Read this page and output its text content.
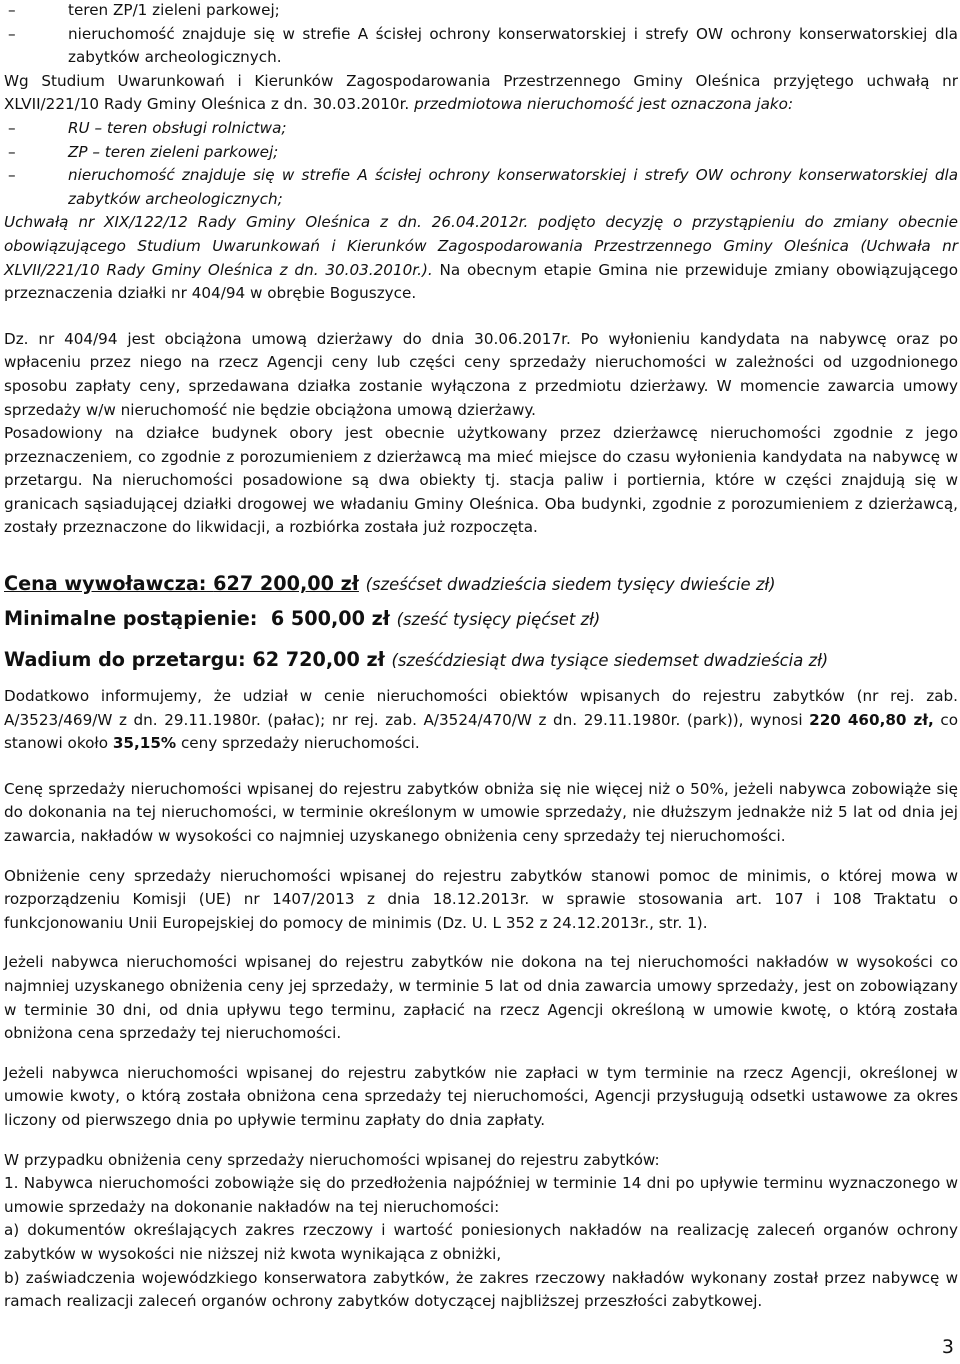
–	teren ZP/1 zieleni parkowej;
–	nieruchomość znajduje się w strefie A ścisłej ochrony konserwatorskiej i strefy OW ochrony konserwatorskiej dla zabytków archeologicznych.

Wg Studium Uwarunkowań i Kierunków Zagospodarowania Przestrzennego Gminy Oleśnica przyjętego uchwałą nr XLVII/221/10 Rady Gminy Oleśnica z dn. 30.03.2010r. przedmiotowa nieruchomość jest oznaczona jako:

–	RU – teren obsługi rolnictwa;
–	ZP – teren zieleni parkowej;
–	nieruchomość znajduje się w strefie A ścisłej ochrony konserwatorskiej i strefy OW ochrony konserwatorskiej dla zabytków archeologicznych;

Uchwałą nr XIX/122/12 Rady Gminy Oleśnica z dn. 26.04.2012r. podjęto decyzję o przystąpieniu do zmiany obecnie obowiązującego Studium Uwarunkowań i Kierunków Zagospodarowania Przestrzennego Gminy Oleśnica (Uchwała nr XLVII/221/10 Rady Gminy Oleśnica z dn. 30.03.2010r.). Na obecnym etapie Gmina nie przewiduje zmiany obowiązującego przeznaczenia działki nr 404/94 w obrębie Boguszyce.

Dz. nr 404/94 jest obciążona umową dzierżawy do dnia 30.06.2017r. Po wyłonieniu kandydata na nabywcę oraz po wpłaceniu przez niego na rzecz Agencji ceny lub części ceny sprzedaży nieruchomości w zależności od uzgodnionego sposobu zapłaty ceny, sprzedawana działka zostanie wyłączona z przedmiotu dzierżawy. W momencie zawarcia umowy sprzedaży w/w nieruchomość nie będzie obciążona umową dzierżawy.

Posadowiony na działce budynek obory jest obecnie użytkowany przez dzierżawcę nieruchomości zgodnie z jego przeznaczeniem, co zgodnie z porozumieniem z dzierżawcą ma mieć miejsce do czasu wyłonienia kandydata na nabywcę w przetargu. Na nieruchomości posadowione są dwa obiekty tj. stacja paliw i portiernia, które w części znajdują się w granicach sąsiadującej działki drogowej we władaniu Gminy Oleśnica. Oba budynki, zgodnie z porozumieniem z dzierżawcą, zostały przeznaczone do likwidacji, a rozbiórka została już rozpoczęta.

Cena wywoławcza: 627 200,00 zł (sześćset dwadzieścia siedem tysięcy dwieście zł)

Minimalne postąpienie: 6 500,00 zł (sześć tysięcy pięćset zł)

Wadium do przetargu: 62 720,00 zł (sześćdziesiąt dwa tysiące siedemset dwadzieścia zł)

Dodatkowo informujemy, że udział w cenie nieruchomości obiektów wpisanych do rejestru zabytków (nr rej. zab. A/3523/469/W z dn. 29.11.1980r. (pałac); nr rej. zab. A/3524/470/W z dn. 29.11.1980r. (park)), wynosi 220 460,80 zł, co stanowi około 35,15% ceny sprzedaży nieruchomości.

Cenę sprzedaży nieruchomości wpisanej do rejestru zabytków obniża się nie więcej niż o 50%, jeżeli nabywca zobowiąże się do dokonania na tej nieruchomości, w terminie określonym w umowie sprzedaży, nie dłuższym jednakże niż 5 lat od dnia jej zawarcia, nakładów w wysokości co najmniej uzyskanego obniżenia ceny sprzedaży tej nieruchomości.

Obniżenie ceny sprzedaży nieruchomości wpisanej do rejestru zabytków stanowi pomoc de minimis, o której mowa w rozporządzeniu Komisji (UE) nr 1407/2013 z dnia 18.12.2013r. w sprawie stosowania art. 107 i 108 Traktatu o funkcjonowaniu Unii Europejskiej do pomocy de minimis (Dz. U. L 352 z 24.12.2013r., str. 1).

Jeżeli nabywca nieruchomości wpisanej do rejestru zabytków nie dokona na tej nieruchomości nakładów w wysokości co najmniej uzyskanego obniżenia ceny jej sprzedaży, w terminie 5 lat od dnia zawarcia umowy sprzedaży, jest on zobowiązany w terminie 30 dni, od dnia upływu tego terminu, zapłacić na rzecz Agencji określoną w umowie kwotę, o którą została obniżona cena sprzedaży tej nieruchomości.

Jeżeli nabywca nieruchomości wpisanej do rejestru zabytków nie zapłaci w tym terminie na rzecz Agencji, określonej w umowie kwoty, o którą została obniżona cena sprzedaży tej nieruchomości, Agencji przysługują odsetki ustawowe za okres liczony od pierwszego dnia po upływie terminu zapłaty do dnia zapłaty.

W przypadku obniżenia ceny sprzedaży nieruchomości wpisanej do rejestru zabytków:

1. Nabywca nieruchomości zobowiąże się do przedłożenia najpóźniej w terminie 14 dni po upływie terminu wyznaczonego w umowie sprzedaży na dokonanie nakładów na tej nieruchomości:

a) dokumentów określających zakres rzeczowy i wartość poniesionych nakładów na realizację zaleceń organów ochrony zabytków w wysokości nie niższej niż kwota wynikająca z obniżki,

b) zaświadczenia wojewódzkiego konserwatora zabytków, że zakres rzeczowy nakładów wykonany został przez nabywcę w ramach realizacji zaleceń organów ochrony zabytków dotyczącej najbliższej przeszłości zabytkowej.

3
